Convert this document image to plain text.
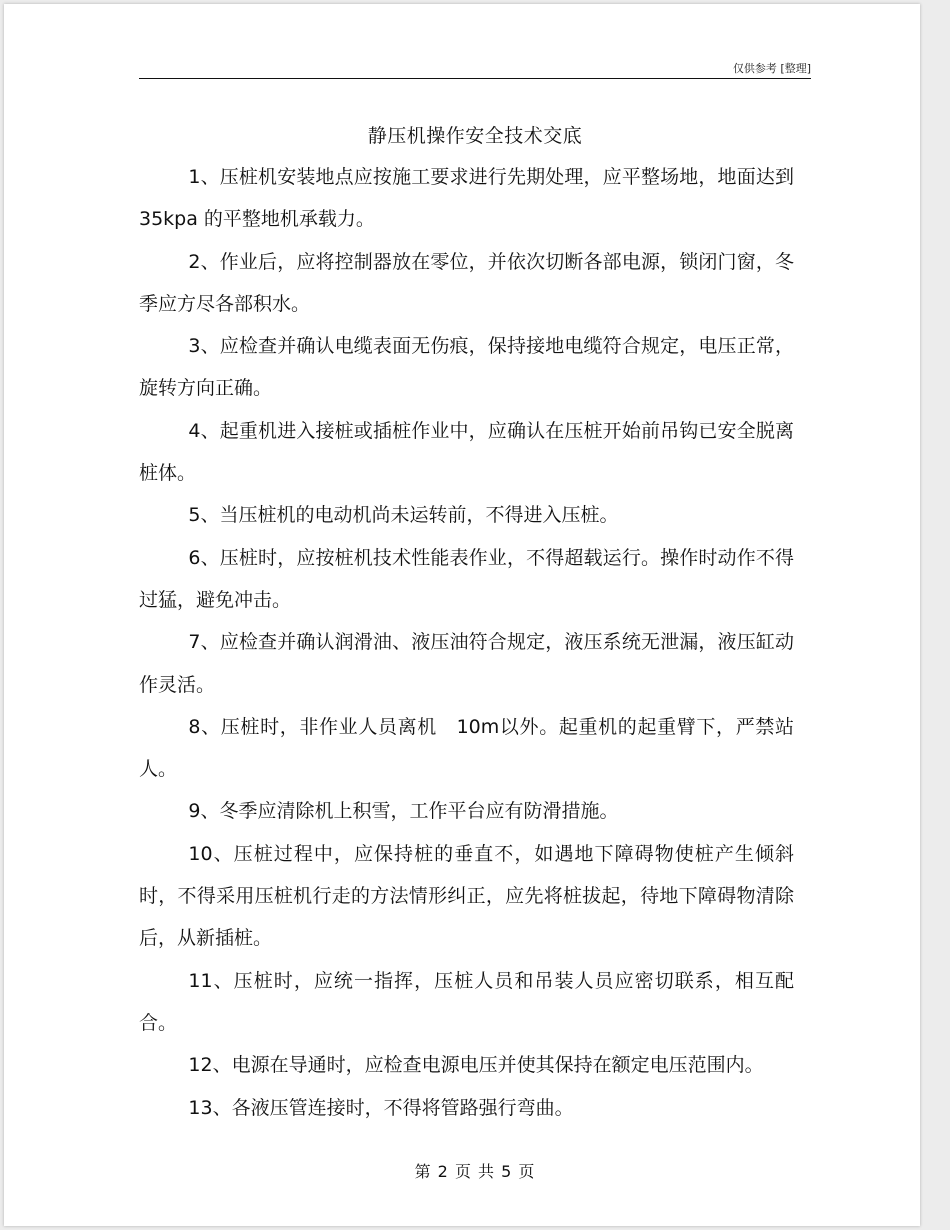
仅供参考 [整理]
静压机操作安全技术交底

1、压桩机安装地点应按施工要求进行先期处理，应平整场地，地面达到 35kpa 的平整地机承载力。

2、作业后，应将控制器放在零位，并依次切断各部电源，锁闭门窗，冬季应方尽各部积水。

3、应检查并确认电缆表面无伤痕，保持接地电缆符合规定，电压正常，旋转方向正确。

4、起重机进入接桩或插桩作业中，应确认在压桩开始前吊钩已安全脱离桩体。

5、当压桩机的电动机尚未运转前，不得进入压桩。

6、压桩时，应按桩机技术性能表作业，不得超载运行。操作时动作不得过猛，避免冲击。

7、应检查并确认润滑油、液压油符合规定，液压系统无泄漏，液压缸动作灵活。

8、压桩时，非作业人员离机　10m以外。起重机的起重臂下，严禁站人。

9、冬季应清除机上积雪，工作平台应有防滑措施。

10、压桩过程中，应保持桩的垂直不，如遇地下障碍物使桩产生倾斜时，不得采用压桩机行走的方法情形纠正，应先将桩拔起，待地下障碍物清除后，从新插桩。

11、压桩时，应统一指挥，压桩人员和吊装人员应密切联系，相互配合。

12、电源在导通时，应检查电源电压并使其保持在额定电压范围内。

13、各液压管连接时，不得将管路强行弯曲。

第 2 页 共 5 页
